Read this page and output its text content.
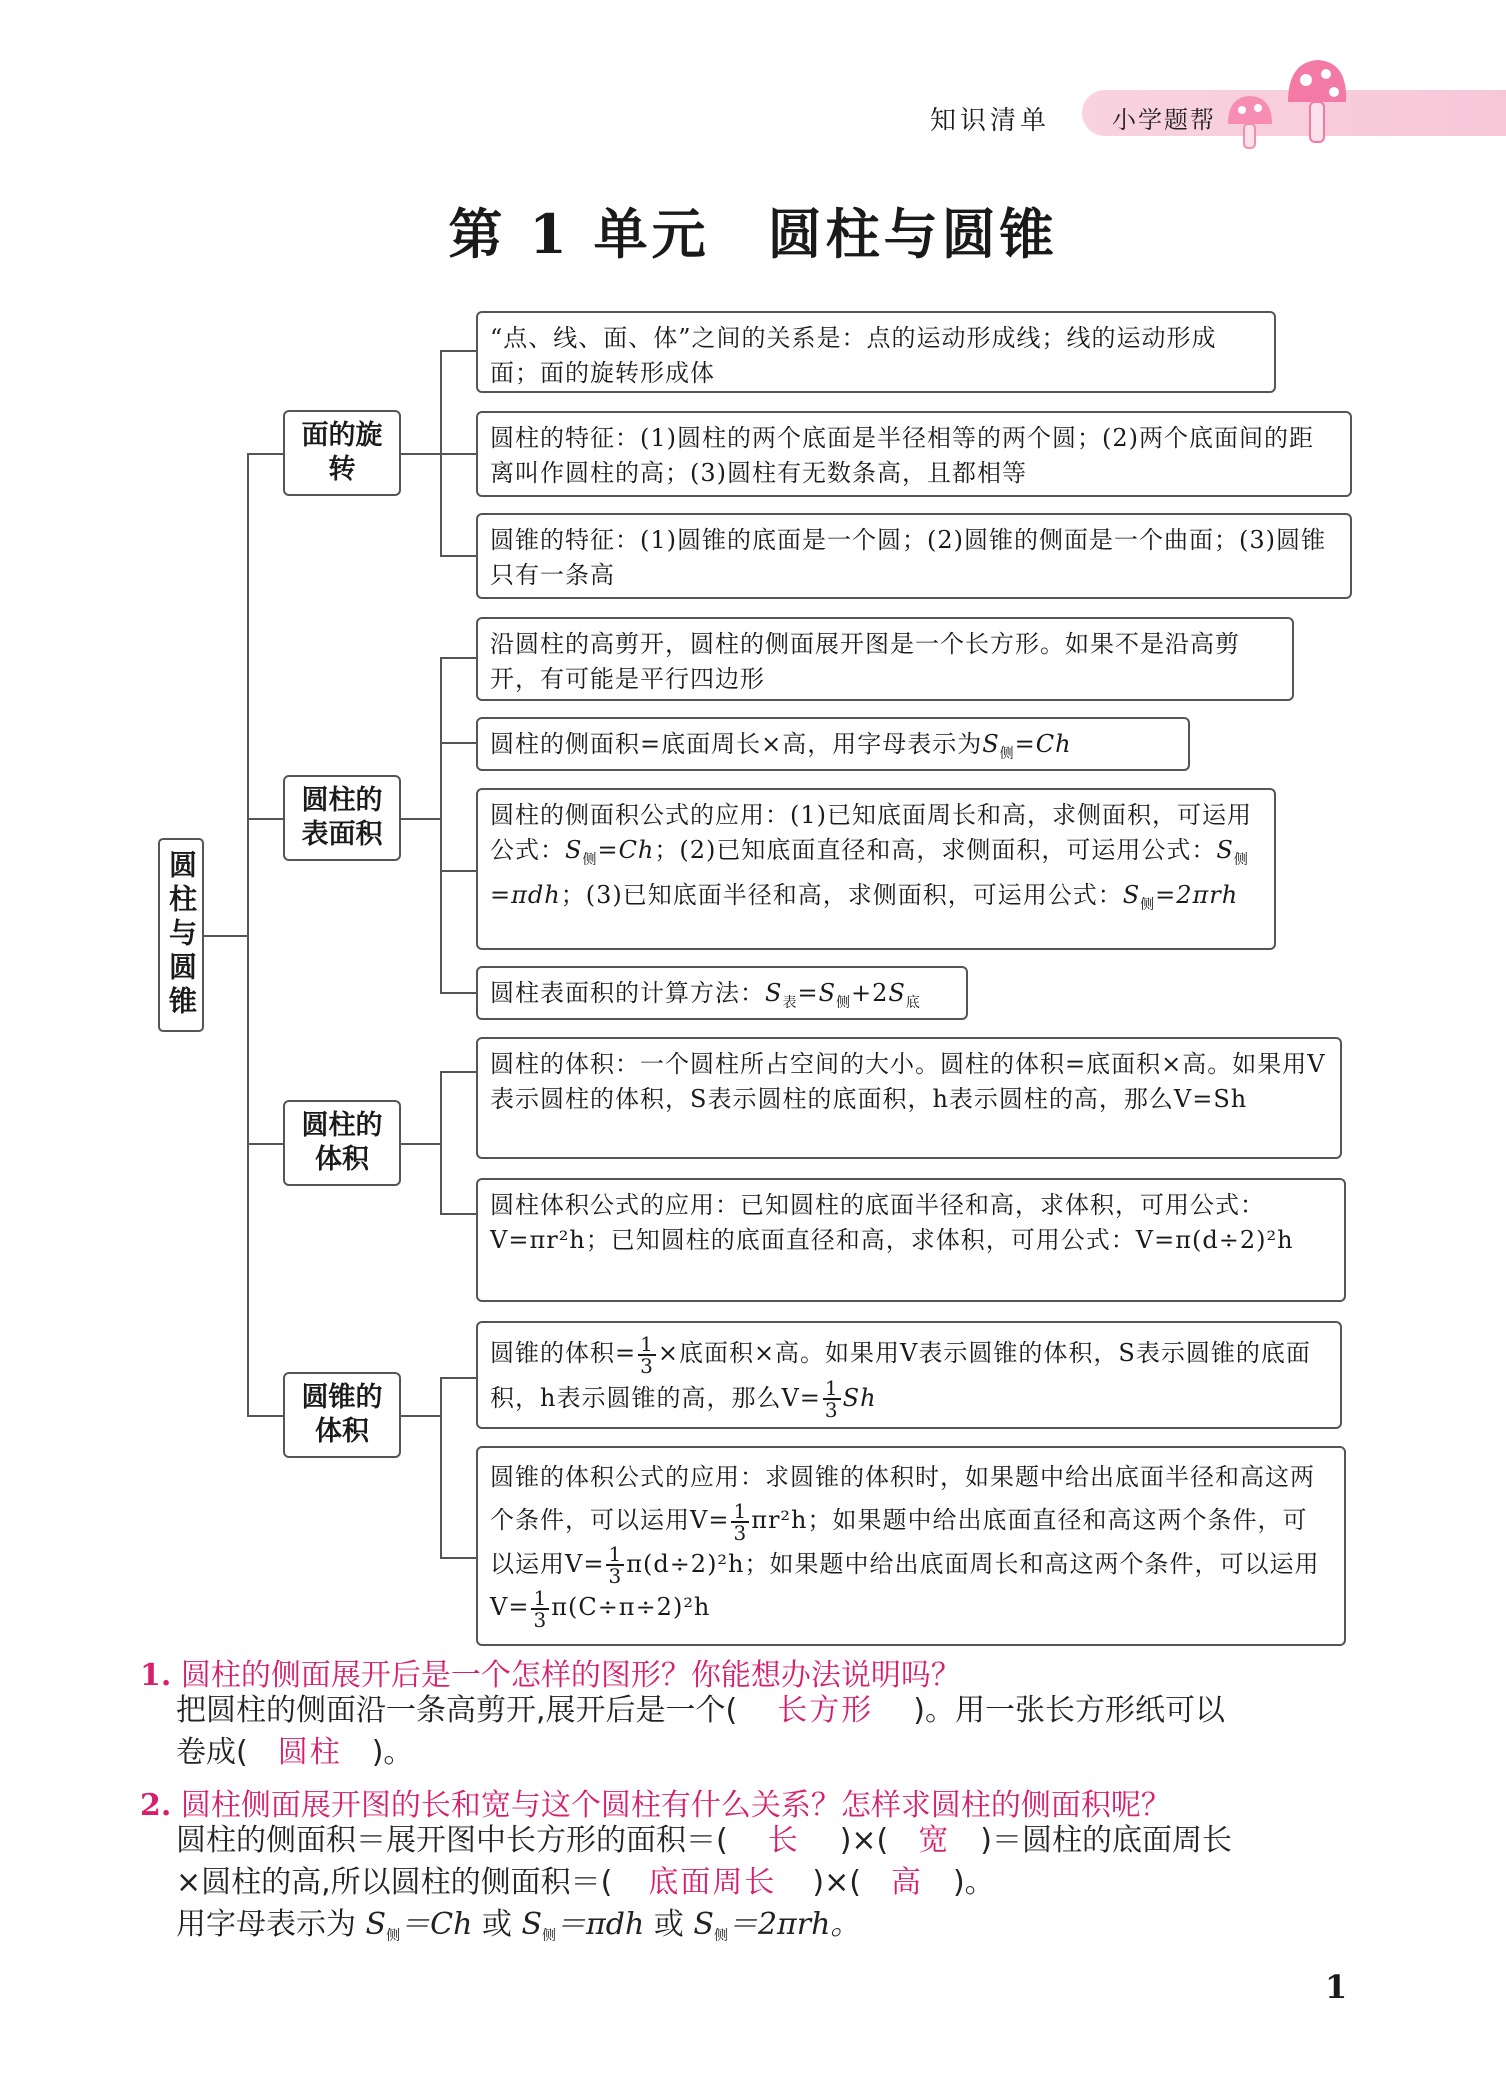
知识清单	小学题帮
第 1 单元　圆柱与圆锥
圆柱与圆锥
面的旋转
圆柱的表面积
圆柱的体积
圆锥的体积
“点、线、面、体”之间的关系是：点的运动形成线；线的运动形成面；面的旋转形成体
圆柱的特征：(1)圆柱的两个底面是半径相等的两个圆；(2)两个底面间的距离叫作圆柱的高；(3)圆柱有无数条高，且都相等
圆锥的特征：(1)圆锥的底面是一个圆；(2)圆锥的侧面是一个曲面；(3)圆锥只有一条高
沿圆柱的高剪开，圆柱的侧面展开图是一个长方形。如果不是沿高剪开，有可能是平行四边形
圆柱的侧面积=底面周长×高，用字母表示为$S_侧=Ch$
圆柱的侧面积公式的应用：(1)已知底面周长和高，求侧面积，可运用公式：$S_侧=Ch$；(2)已知底面直径和高，求侧面积，可运用公式：$S_侧=\pi dh$；(3)已知底面半径和高，求侧面积，可运用公式：$S_侧=2\pi rh$
圆柱表面积的计算方法：$S_表=S_侧+2S_底$
圆柱的体积：一个圆柱所占空间的大小。圆柱的体积=底面积×高。如果用V表示圆柱的体积，S表示圆柱的底面积，h表示圆柱的高，那么V=Sh
圆柱体积公式的应用：已知圆柱的底面半径和高，求体积，可用公式：V=πr²h；已知圆柱的底面直径和高，求体积，可用公式：V=π(d÷2)²h
圆锥的体积= $\frac{1}{3}$ ×底面积×高。如果用V表示圆锥的体积，S表示圆锥的底面积，h表示圆锥的高，那么$V= \frac{1}{3}$ Sh
圆锥的体积公式的应用：求圆锥的体积时，如果题中给出底面半径和高这两个条件，可以运用$V= \frac{1}{3} \pi r^2h$；如果题中给出底面直径和高这两个条件，可以运用$V= \frac{1}{3} \pi(d\div 2)^2h$；如果题中给出底面周长和高这两个条件，可以运用$V= \frac{1}{3} \pi(C\div\pi\div 2)^2h$
1. 圆柱的侧面展开后是一个怎样的图形？你能想办法说明吗？
把圆柱的侧面沿一条高剪开,展开后是一个( 长方形 )。用一张长方形纸可以
卷成( 圆柱 )。
2. 圆柱侧面展开图的长和宽与这个圆柱有什么关系？怎样求圆柱的侧面积呢？
圆柱的侧面积＝展开图中长方形的面积＝( 长 )×( 宽 )＝圆柱的底面周长
×圆柱的高,所以圆柱的侧面积＝( 底面周长 )×( 高 )。
用字母表示为 $S_侧=Ch$ 或 $S_侧=\pi dh$ 或 $S_侧=2\pi rh$。
1
